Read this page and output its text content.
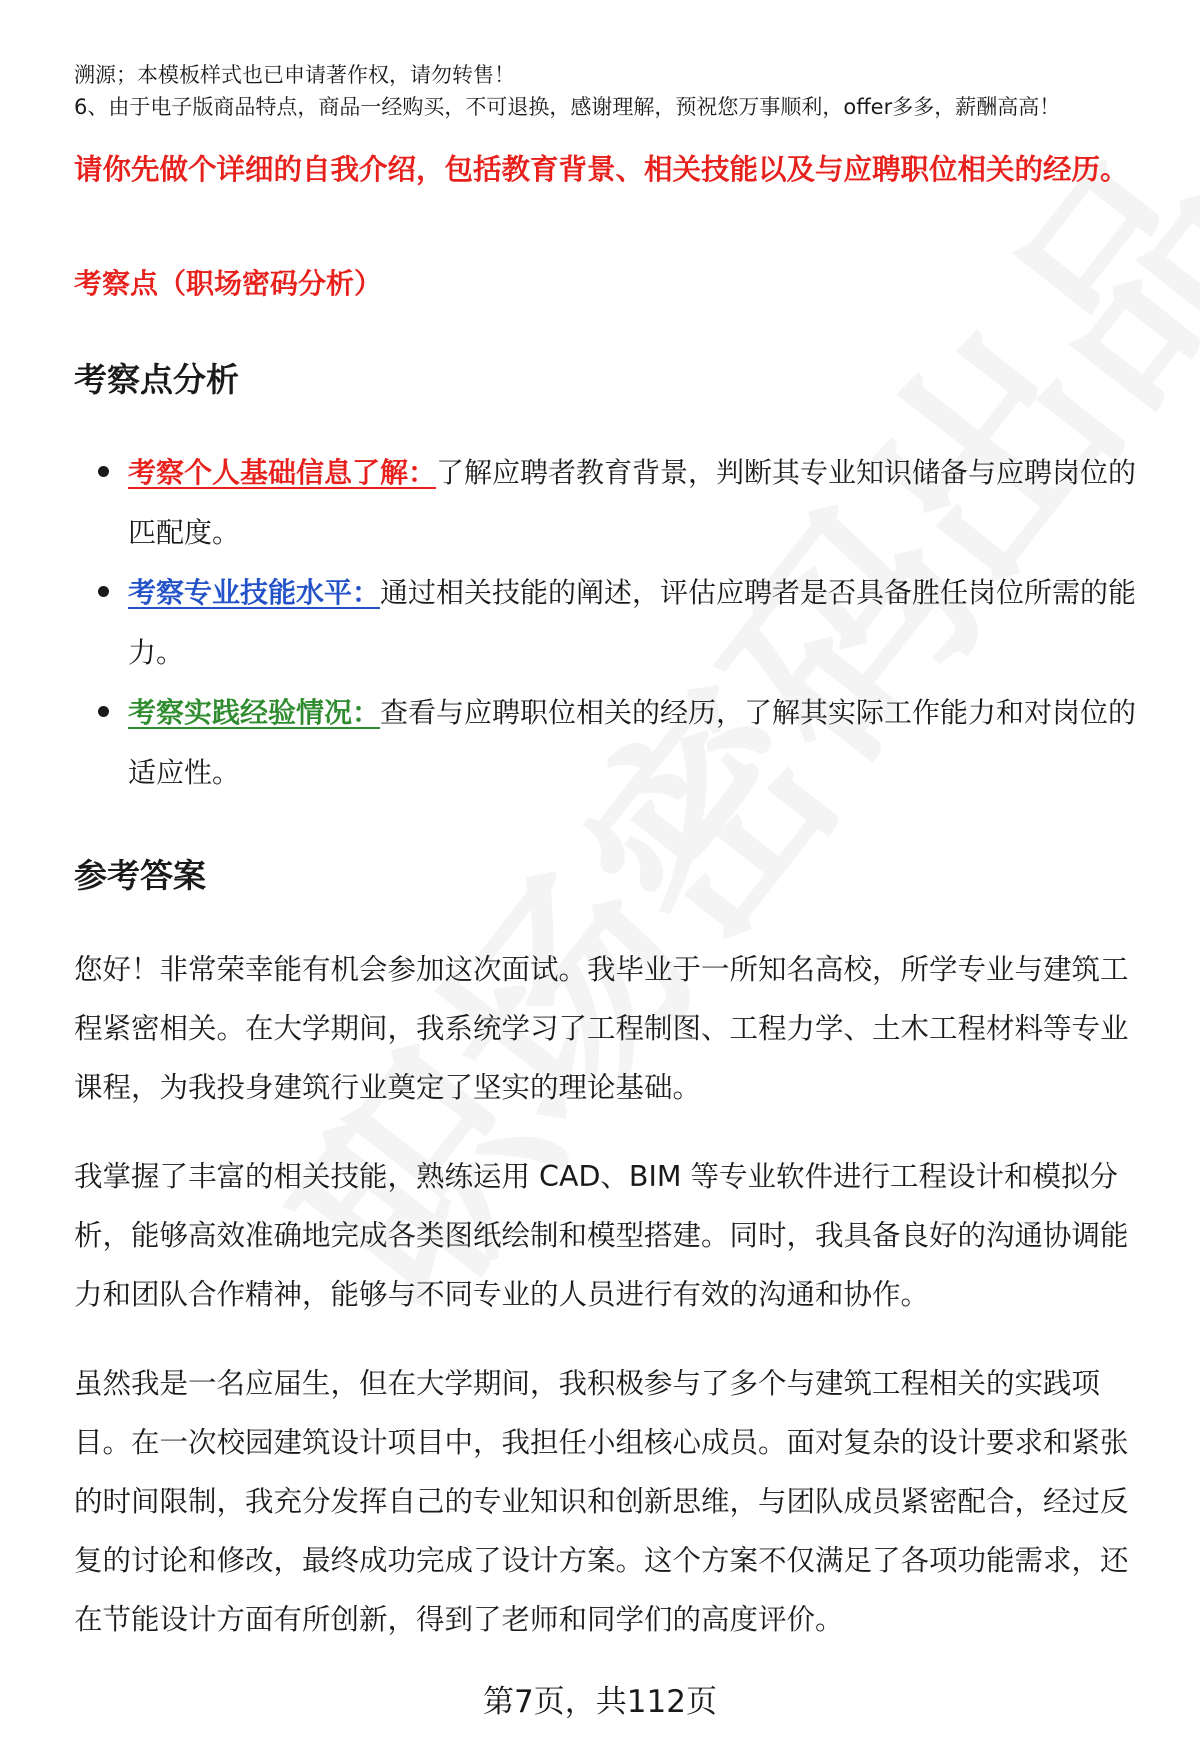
溯源；本模板样式也已申请著作权，请勿转售！
6、由于电子版商品特点，商品一经购买，不可退换，感谢理解，预祝您万事顺利，offer多多，薪酬高高！
请你先做个详细的自我介绍，包括教育背景、相关技能以及与应聘职位相关的经历。
考察点（职场密码分析）
考察点分析
考察个人基础信息了解：了解应聘者教育背景，判断其专业知识储备与应聘岗位的匹配度。
考察专业技能水平：通过相关技能的阐述，评估应聘者是否具备胜任岗位所需的能力。
考察实践经验情况：查看与应聘职位相关的经历，了解其实际工作能力和对岗位的适应性。
参考答案
您好！非常荣幸能有机会参加这次面试。我毕业于一所知名高校，所学专业与建筑工程紧密相关。在大学期间，我系统学习了工程制图、工程力学、土木工程材料等专业课程，为我投身建筑行业奠定了坚实的理论基础。
我掌握了丰富的相关技能，熟练运用 CAD、BIM 等专业软件进行工程设计和模拟分析，能够高效准确地完成各类图纸绘制和模型搭建。同时，我具备良好的沟通协调能力和团队合作精神，能够与不同专业的人员进行有效的沟通和协作。
虽然我是一名应届生，但在大学期间，我积极参与了多个与建筑工程相关的实践项目。在一次校园建筑设计项目中，我担任小组核心成员。面对复杂的设计要求和紧张的时间限制，我充分发挥自己的专业知识和创新思维，与团队成员紧密配合，经过反复的讨论和修改，最终成功完成了设计方案。这个方案不仅满足了各项功能需求，还在节能设计方面有所创新，得到了老师和同学们的高度评价。
第7页，共112页
